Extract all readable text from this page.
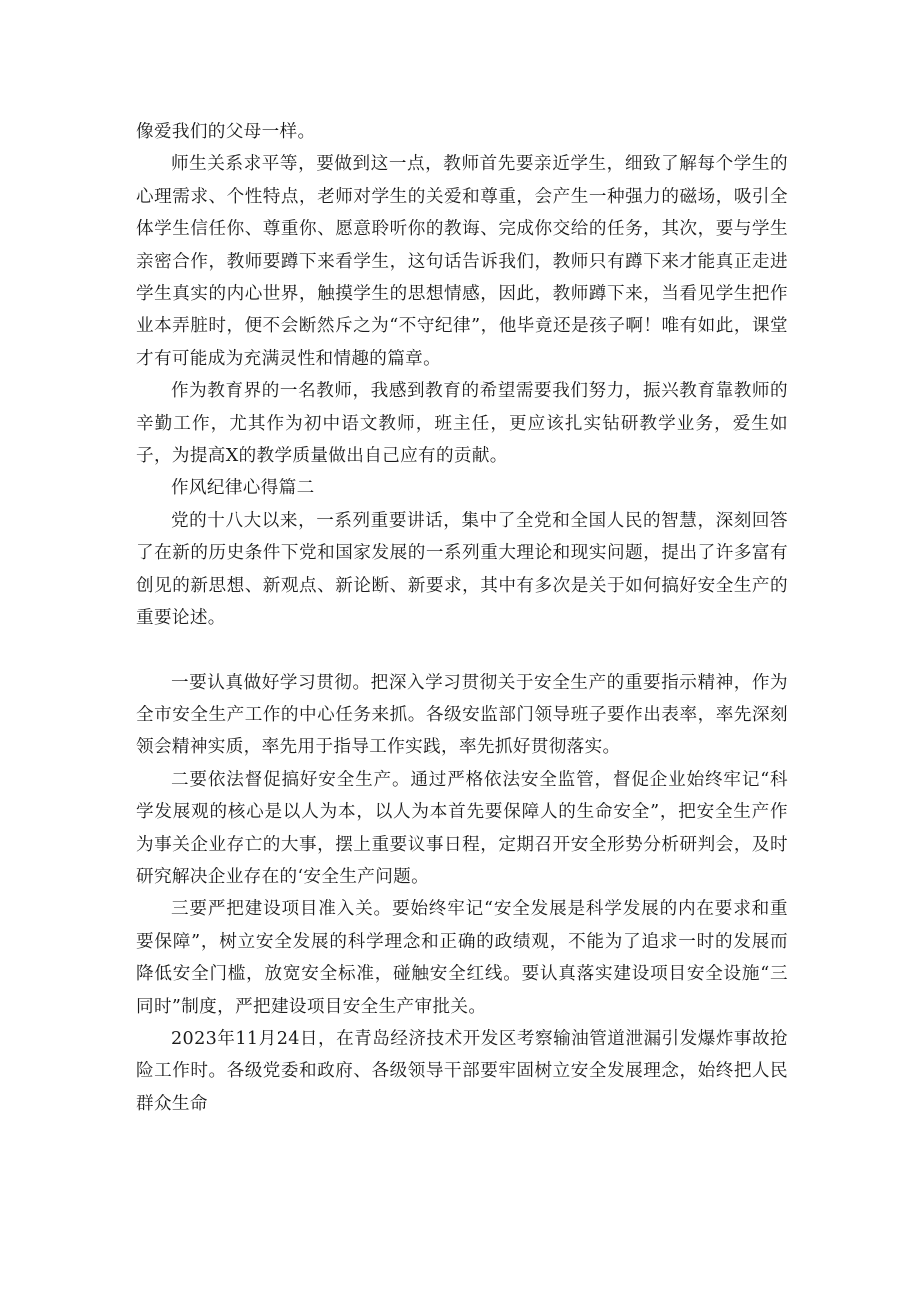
像爱我们的父母一样。

师生关系求平等，要做到这一点，教师首先要亲近学生，细致了解每个学生的心理需求、个性特点，老师对学生的关爱和尊重，会产生一种强力的磁场，吸引全体学生信任你、尊重你、愿意聆听你的教诲、完成你交给的任务，其次，要与学生亲密合作，教师要蹲下来看学生，这句话告诉我们，教师只有蹲下来才能真正走进学生真实的内心世界，触摸学生的思想情感，因此，教师蹲下来，当看见学生把作业本弄脏时，便不会断然斥之为“不守纪律”，他毕竟还是孩子啊！唯有如此，课堂才有可能成为充满灵性和情趣的篇章。

作为教育界的一名教师，我感到教育的希望需要我们努力，振兴教育靠教师的辛勤工作，尤其作为初中语文教师，班主任，更应该扎实钻研教学业务，爱生如子，为提高X的教学质量做出自己应有的贡献。

作风纪律心得篇二

党的十八大以来，一系列重要讲话，集中了全党和全国人民的智慧，深刻回答了在新的历史条件下党和国家发展的一系列重大理论和现实问题，提出了许多富有创见的新思想、新观点、新论断、新要求，其中有多次是关于如何搞好安全生产的重要论述。

一要认真做好学习贯彻。把深入学习贯彻关于安全生产的重要指示精神，作为全市安全生产工作的中心任务来抓。各级安监部门领导班子要作出表率，率先深刻领会精神实质，率先用于指导工作实践，率先抓好贯彻落实。

二要依法督促搞好安全生产。通过严格依法安全监管，督促企业始终牢记“科学发展观的核心是以人为本，以人为本首先要保障人的生命安全”，把安全生产作为事关企业存亡的大事，摆上重要议事日程，定期召开安全形势分析研判会，及时研究解决企业存在的‘安全生产问题。

三要严把建设项目准入关。要始终牢记“安全发展是科学发展的内在要求和重要保障”，树立安全发展的科学理念和正确的政绩观，不能为了追求一时的发展而降低安全门槛，放宽安全标准，碰触安全红线。要认真落实建设项目安全设施“三同时”制度，严把建设项目安全生产审批关。

2023年11月24日，在青岛经济技术开发区考察输油管道泄漏引发爆炸事故抢险工作时。各级党委和政府、各级领导干部要牢固树立安全发展理念，始终把人民群众生命
